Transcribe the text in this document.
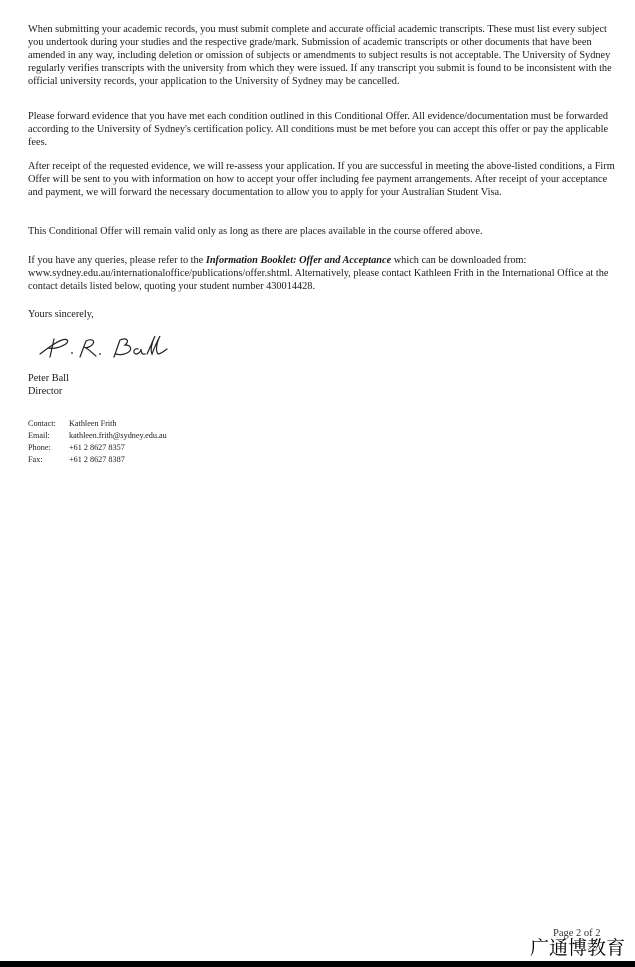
When submitting your academic records, you must submit complete and accurate official academic transcripts. These must list every subject you undertook during your studies and the respective grade/mark. Submission of academic transcripts or other documents that have been amended in any way, including deletion or omission of subjects or amendments to subject results is not acceptable. The University of Sydney regularly verifies transcripts with the university from which they were issued. If any transcript you submit is found to be inconsistent with the official university records, your application to the University of Sydney may be cancelled.

Please forward evidence that you have met each condition outlined in this Conditional Offer. All evidence/documentation must be forwarded according to the University of Sydney's certification policy. All conditions must be met before you can accept this offer or pay the applicable fees.

After receipt of the requested evidence, we will re-assess your application. If you are successful in meeting the above-listed conditions, a Firm Offer will be sent to you with information on how to accept your offer including fee payment arrangements. After receipt of your acceptance and payment, we will forward the necessary documentation to allow you to apply for your Australian Student Visa.

This Conditional Offer will remain valid only as long as there are places available in the course offered above.

If you have any queries, please refer to the Information Booklet: Offer and Acceptance which can be downloaded from: www.sydney.edu.au/internationaloffice/publications/offer.shtml. Alternatively, please contact Kathleen Frith in the International Office at the contact details listed below, quoting your student number 430014428.

Yours sincerely,

Peter Ball
Director
Contact:	Kathleen Frith
Email:	kathleen.frith@sydney.edu.au
Phone:	+61 2 8627 8357
Fax:	+61 2 8627 8387
Page 2 of 2
广通博教育
